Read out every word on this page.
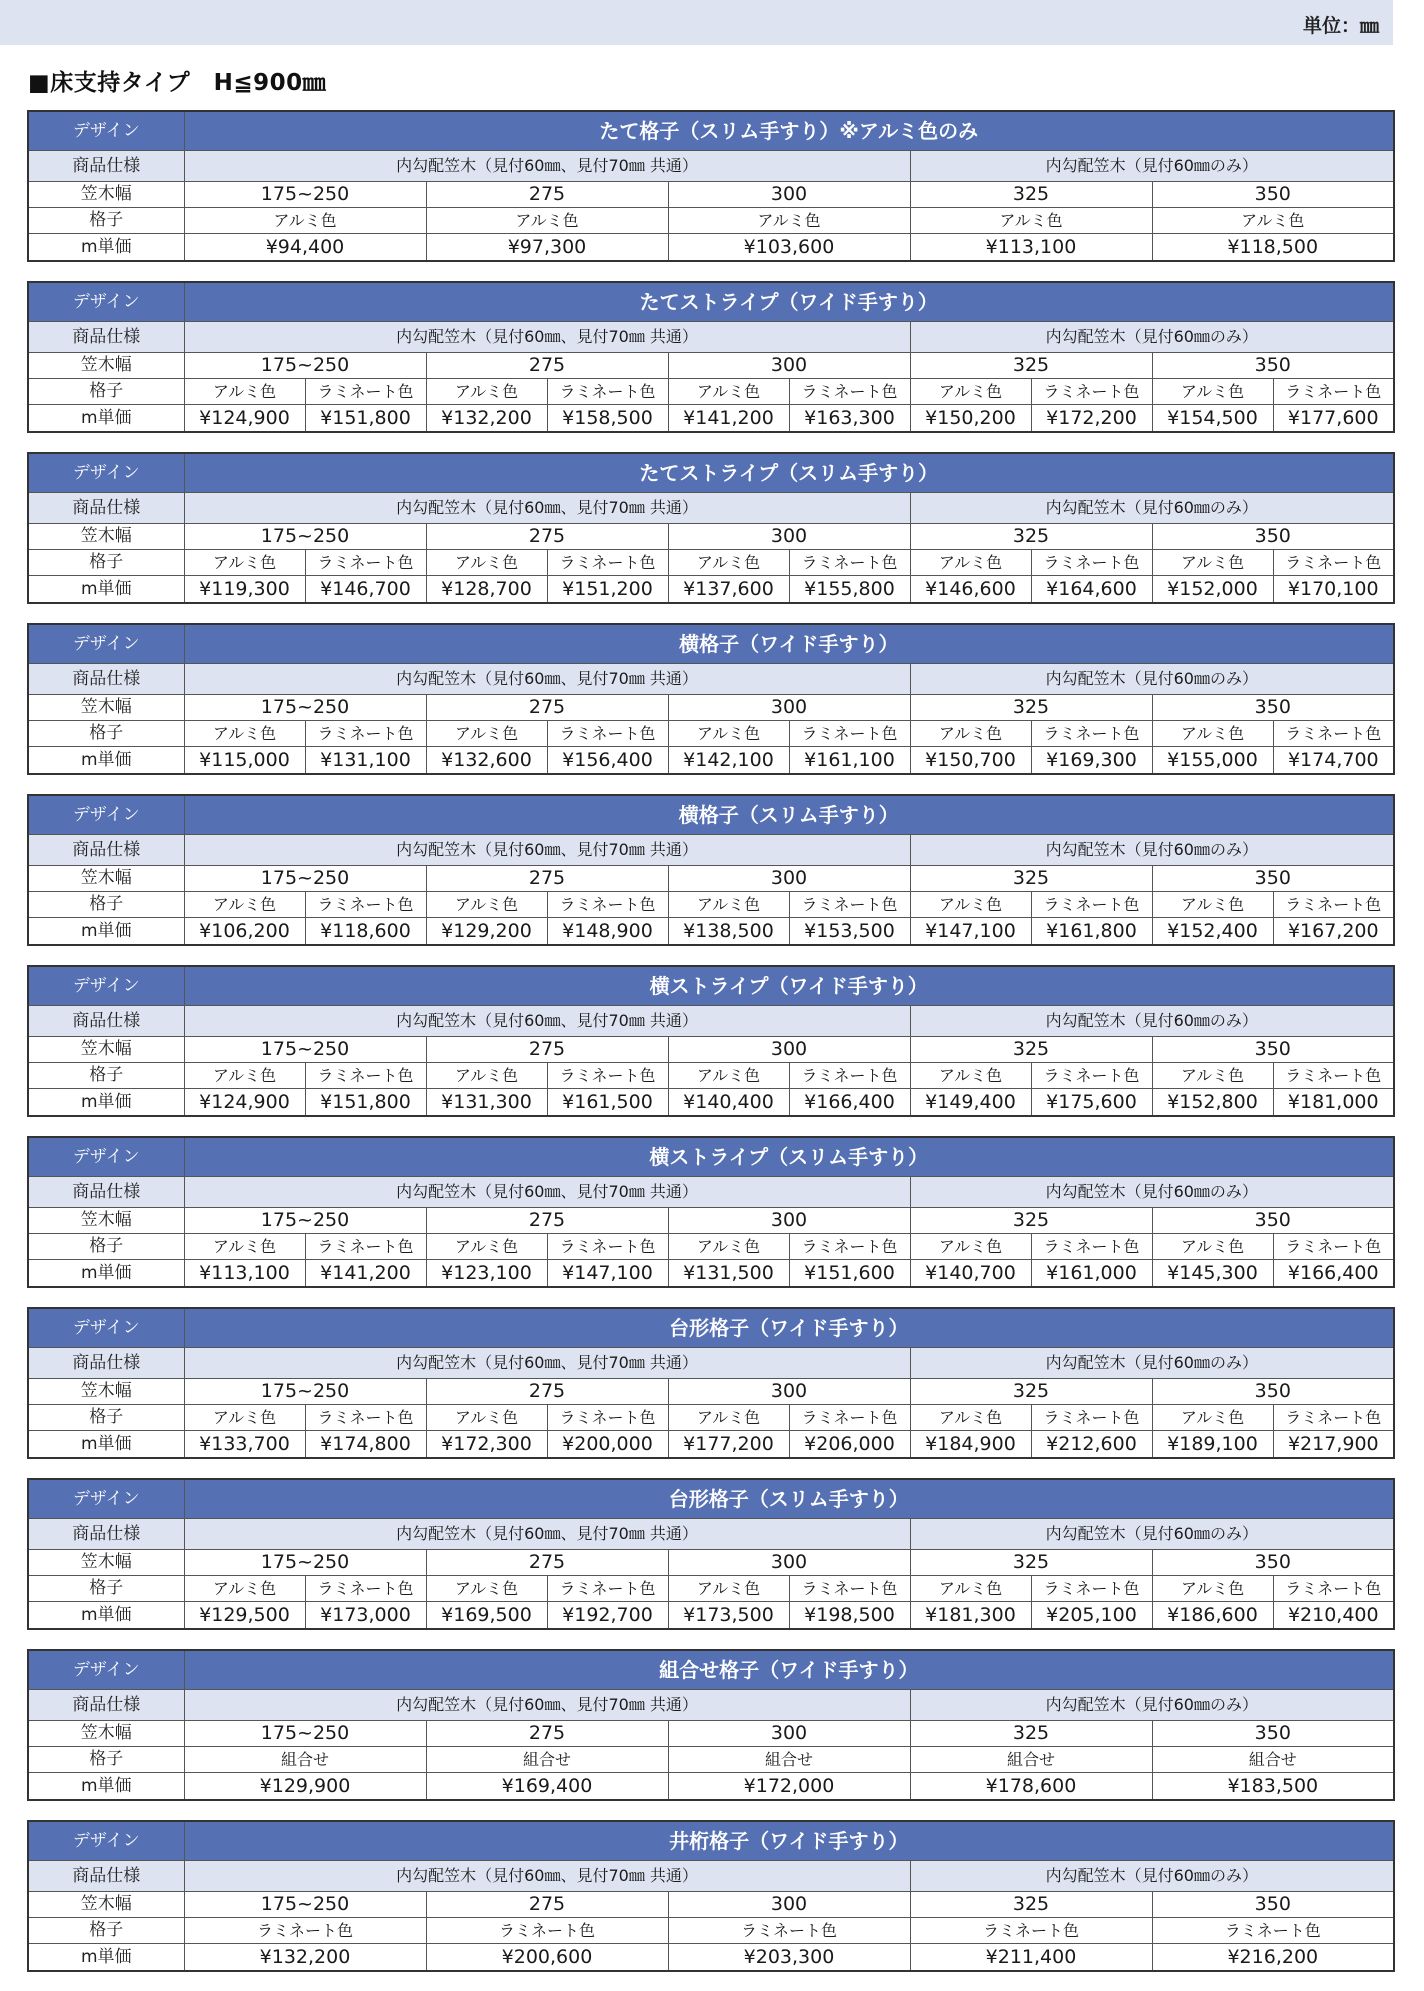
単位：㎜
■床支持タイプ　H≦900㎜
デザイン	たて格子（スリム手すり）※アルミ色のみ				
商品仕様	内勾配笠木（見付60㎜、見付70㎜ 共通）			内勾配笠木（見付60㎜のみ）	
笠木幅	175~250	275	300	325	350
格子	アルミ色	アルミ色	アルミ色	アルミ色	アルミ色
m単価	¥94,400	¥97,300	¥103,600	¥113,100	¥118,500
デザイン	たてストライプ（ワイド手すり）									
商品仕様	内勾配笠木（見付60㎜、見付70㎜ 共通）						内勾配笠木（見付60㎜のみ）			
笠木幅	175~250		275		300		325		350	
格子	アルミ色	ラミネート色	アルミ色	ラミネート色	アルミ色	ラミネート色	アルミ色	ラミネート色	アルミ色	ラミネート色
m単価	¥124,900	¥151,800	¥132,200	¥158,500	¥141,200	¥163,300	¥150,200	¥172,200	¥154,500	¥177,600
デザイン	たてストライプ（スリム手すり）									
商品仕様	内勾配笠木（見付60㎜、見付70㎜ 共通）						内勾配笠木（見付60㎜のみ）			
笠木幅	175~250		275		300		325		350	
格子	アルミ色	ラミネート色	アルミ色	ラミネート色	アルミ色	ラミネート色	アルミ色	ラミネート色	アルミ色	ラミネート色
m単価	¥119,300	¥146,700	¥128,700	¥151,200	¥137,600	¥155,800	¥146,600	¥164,600	¥152,000	¥170,100
デザイン	横格子（ワイド手すり）									
商品仕様	内勾配笠木（見付60㎜、見付70㎜ 共通）						内勾配笠木（見付60㎜のみ）			
笠木幅	175~250		275		300		325		350	
格子	アルミ色	ラミネート色	アルミ色	ラミネート色	アルミ色	ラミネート色	アルミ色	ラミネート色	アルミ色	ラミネート色
m単価	¥115,000	¥131,100	¥132,600	¥156,400	¥142,100	¥161,100	¥150,700	¥169,300	¥155,000	¥174,700
デザイン	横格子（スリム手すり）									
商品仕様	内勾配笠木（見付60㎜、見付70㎜ 共通）						内勾配笠木（見付60㎜のみ）			
笠木幅	175~250		275		300		325		350	
格子	アルミ色	ラミネート色	アルミ色	ラミネート色	アルミ色	ラミネート色	アルミ色	ラミネート色	アルミ色	ラミネート色
m単価	¥106,200	¥118,600	¥129,200	¥148,900	¥138,500	¥153,500	¥147,100	¥161,800	¥152,400	¥167,200
デザイン	横ストライプ（ワイド手すり）									
商品仕様	内勾配笠木（見付60㎜、見付70㎜ 共通）						内勾配笠木（見付60㎜のみ）			
笠木幅	175~250		275		300		325		350	
格子	アルミ色	ラミネート色	アルミ色	ラミネート色	アルミ色	ラミネート色	アルミ色	ラミネート色	アルミ色	ラミネート色
m単価	¥124,900	¥151,800	¥131,300	¥161,500	¥140,400	¥166,400	¥149,400	¥175,600	¥152,800	¥181,000
デザイン	横ストライプ（スリム手すり）									
商品仕様	内勾配笠木（見付60㎜、見付70㎜ 共通）						内勾配笠木（見付60㎜のみ）			
笠木幅	175~250		275		300		325		350	
格子	アルミ色	ラミネート色	アルミ色	ラミネート色	アルミ色	ラミネート色	アルミ色	ラミネート色	アルミ色	ラミネート色
m単価	¥113,100	¥141,200	¥123,100	¥147,100	¥131,500	¥151,600	¥140,700	¥161,000	¥145,300	¥166,400
デザイン	台形格子（ワイド手すり）									
商品仕様	内勾配笠木（見付60㎜、見付70㎜ 共通）						内勾配笠木（見付60㎜のみ）			
笠木幅	175~250		275		300		325		350	
格子	アルミ色	ラミネート色	アルミ色	ラミネート色	アルミ色	ラミネート色	アルミ色	ラミネート色	アルミ色	ラミネート色
m単価	¥133,700	¥174,800	¥172,300	¥200,000	¥177,200	¥206,000	¥184,900	¥212,600	¥189,100	¥217,900
デザイン	台形格子（スリム手すり）									
商品仕様	内勾配笠木（見付60㎜、見付70㎜ 共通）						内勾配笠木（見付60㎜のみ）			
笠木幅	175~250		275		300		325		350	
格子	アルミ色	ラミネート色	アルミ色	ラミネート色	アルミ色	ラミネート色	アルミ色	ラミネート色	アルミ色	ラミネート色
m単価	¥129,500	¥173,000	¥169,500	¥192,700	¥173,500	¥198,500	¥181,300	¥205,100	¥186,600	¥210,400
デザイン	組合せ格子（ワイド手すり）				
商品仕様	内勾配笠木（見付60㎜、見付70㎜ 共通）			内勾配笠木（見付60㎜のみ）	
笠木幅	175~250	275	300	325	350
格子	組合せ	組合せ	組合せ	組合せ	組合せ
m単価	¥129,900	¥169,400	¥172,000	¥178,600	¥183,500
デザイン	井桁格子（ワイド手すり）				
商品仕様	内勾配笠木（見付60㎜、見付70㎜ 共通）			内勾配笠木（見付60㎜のみ）	
笠木幅	175~250	275	300	325	350
格子	ラミネート色	ラミネート色	ラミネート色	ラミネート色	ラミネート色
m単価	¥132,200	¥200,600	¥203,300	¥211,400	¥216,200
